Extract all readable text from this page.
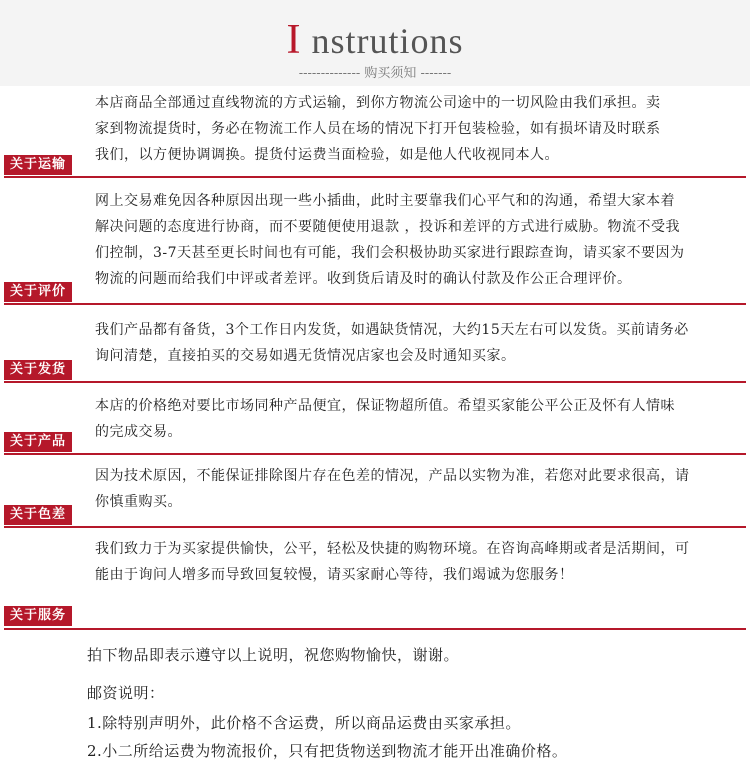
I nstrutions
-------------- 购买须知 -------
本店商品全部通过直线物流的方式运输，到你方物流公司途中的一切风险由我们承担。卖
家到物流提货时，务必在物流工作人员在场的情况下打开包装检验，如有损坏请及时联系
我们，以方便协调调换。提货付运费当面检验，如是他人代收视同本人。
关于运输
网上交易难免因各种原因出现一些小插曲，此时主要靠我们心平气和的沟通，希望大家本着
解决问题的态度进行协商，而不要随便使用退款 ，投诉和差评的方式进行威胁。物流不受我
们控制，3-7天甚至更长时间也有可能，我们会积极协助买家进行跟踪查询，请买家不要因为
物流的问题而给我们中评或者差评。收到货后请及时的确认付款及作公正合理评价。
关于评价
我们产品都有备货，3个工作日内发货，如遇缺货情况，大约15天左右可以发货。买前请务必
询问清楚，直接拍买的交易如遇无货情况店家也会及时通知买家。
关于发货
本店的价格绝对要比市场同种产品便宜，保证物超所值。希望买家能公平公正及怀有人情味
的完成交易。
关于产品
因为技术原因，不能保证排除图片存在色差的情况，产品以实物为准，若您对此要求很高，请
你慎重购买。
关于色差
我们致力于为买家提供愉快，公平，轻松及快捷的购物环境。在咨询高峰期或者是活期间，可
能由于询问人增多而导致回复较慢，请买家耐心等待，我们竭诚为您服务！
关于服务
拍下物品即表示遵守以上说明，祝您购物愉快，谢谢。
邮资说明：
1.除特别声明外，此价格不含运费，所以商品运费由买家承担。
2.小二所给运费为物流报价，只有把货物送到物流才能开出准确价格。
